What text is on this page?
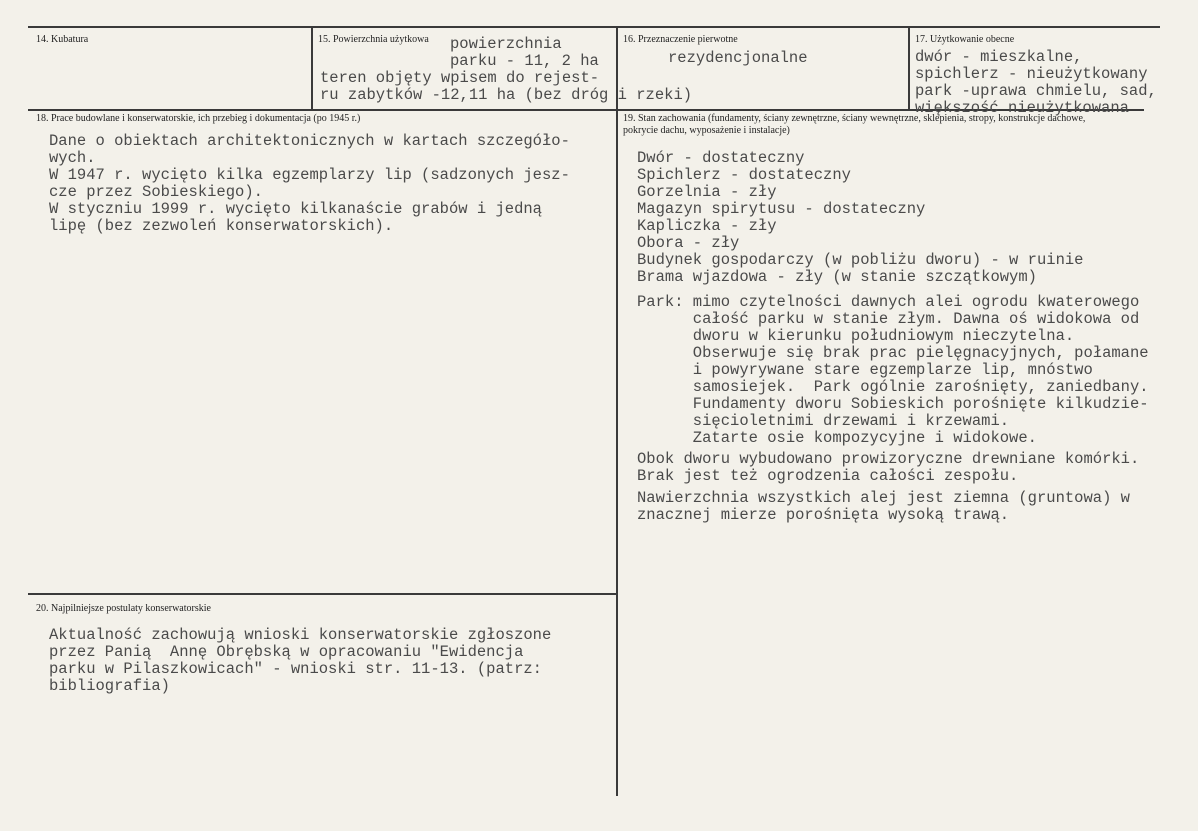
14. Kubatura	15. Powierzchnia użytkowa powierzchnia
parku - 11, 2 ha
teren objęty wpisem do rejest-
ru zabytków -12,11 ha (bez dróg i rzeki)
16. Przeznaczenie pierwotne
rezydencjonalne
17. Użytkowanie obecne
dwór - mieszkalne,
spichlerz - nieużytkowany
park -uprawa chmielu, sad,
większość nieużytkowana
18. Prace budowlane i konserwatorskie, ich przebieg i dokumentacja (po 1945 r.)
Dane o obiektach architektonicznych w kartach szczegóło-
wych.
W 1947 r. wycięto kilka egzemplarzy lip (sadzonych jesz-
cze przez Sobieskiego).
W styczniu 1999 r. wycięto kilkanaście grabów i jedną
lipę (bez zezwoleń konserwatorskich).
19. Stan zachowania (fundamenty, ściany zewnętrzne, ściany wewnętrzne, sklepienia, stropy, konstrukcje dachowe,
pokrycie dachu, wyposażenie i instalacje)
Dwór - dostateczny
Spichlerz - dostateczny
Gorzelnia - zły
Magazyn spirytusu - dostateczny
Kapliczka - zły
Obora - zły
Budynek gospodarczy (w pobliżu dworu) - w ruinie
Brama wjazdowa - zły (w stanie szczątkowym)
Park: mimo czytelności dawnych alei ogrodu kwaterowego
całość parku w stanie złym. Dawna oś widokowa od
dworu w kierunku południowym nieczytelna.
Obserwuje się brak prac pielęgnacyjnych, połamane
i powyrywane stare egzemplarze lip, mnóstwo
samosiejek.  Park ogólnie zarośnięty, zaniedbany.
Fundamenty dworu Sobieskich porośnięte kilkudzie-
sięcioletnimi drzewami i krzewami.
Zatarte osie kompozycyjne i widokowe.
Obok dworu wybudowano prowizoryczne drewniane komórki.
Brak jest też ogrodzenia całości zespołu.
Nawierzchnia wszystkich alej jest ziemna (gruntowa) w
znacznej mierze porośnięta wysoką trawą.
20. Najpilniejsze postulaty konserwatorskie
Aktualność zachowują wnioski konserwatorskie zgłoszone
przez Panią  Annę Obrębską w opracowaniu "Ewidencja
parku w Pilaszkowicach" - wnioski str. 11-13. (patrz:
bibliografia)
